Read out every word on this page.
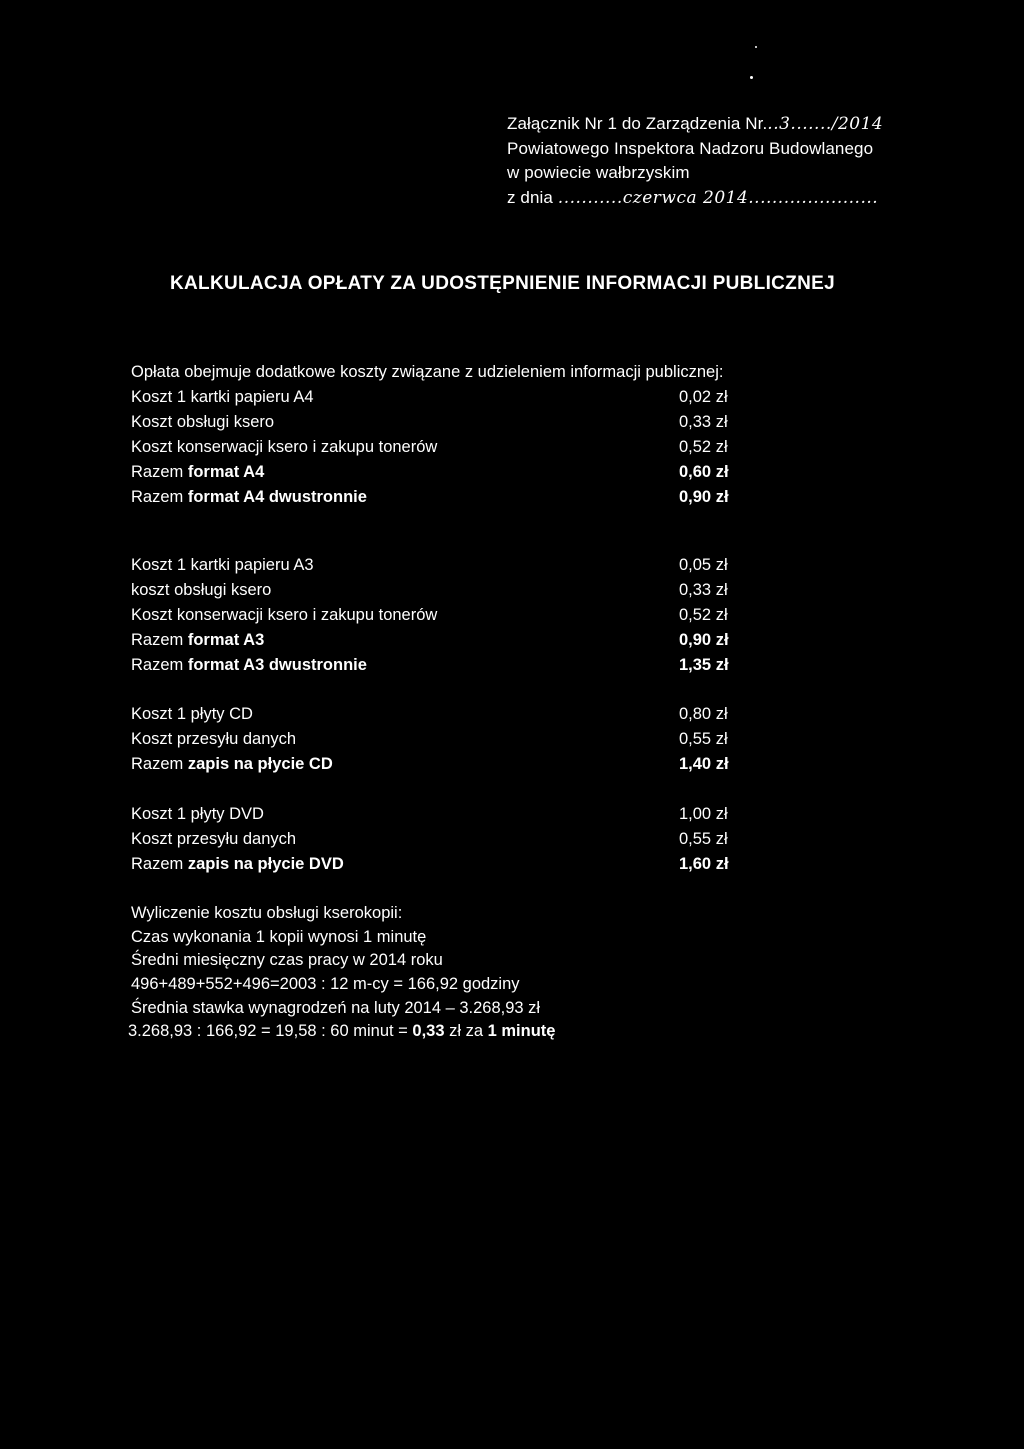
Załącznik Nr 1 do Zarządzenia Nr...3......./2014
Powiatowego Inspektora Nadzoru Budowlanego
w powiecie wałbrzyskim
z dnia ...........czerwca 2014......................
KALKULACJA OPŁATY ZA UDOSTĘPNIENIE INFORMACJI PUBLICZNEJ
Opłata obejmuje dodatkowe koszty związane z udzieleniem informacji publicznej:
Koszt 1 kartki papieru A4	0,02 zł
Koszt obsługi ksero	0,33 zł
Koszt konserwacji ksero i zakupu tonerów	0,52 zł
Razem format A4	0,60 zł
Razem format A4 dwustronnie	0,90 zł
Koszt 1 kartki papieru A3	0,05 zł
koszt obsługi ksero	0,33 zł
Koszt konserwacji ksero i zakupu tonerów	0,52 zł
Razem format A3	0,90 zł
Razem format A3 dwustronnie	1,35 zł
Koszt 1 płyty CD	0,80 zł
Koszt przesyłu danych	0,55 zł
Razem zapis na płycie CD	1,40 zł
Koszt 1 płyty DVD	1,00 zł
Koszt przesyłu danych	0,55 zł
Razem zapis na płycie DVD	1,60 zł
Wyliczenie kosztu obsługi kserokopii:
Czas wykonania 1 kopii wynosi 1 minutę
Średni miesięczny czas pracy w 2014 roku
496+489+552+496=2003 : 12 m-cy = 166,92 godziny
Średnia stawka wynagrodzeń na luty 2014 – 3.268,93 zł
3.268,93 : 166,92 = 19,58 : 60 minut = 0,33 zł za 1 minutę
